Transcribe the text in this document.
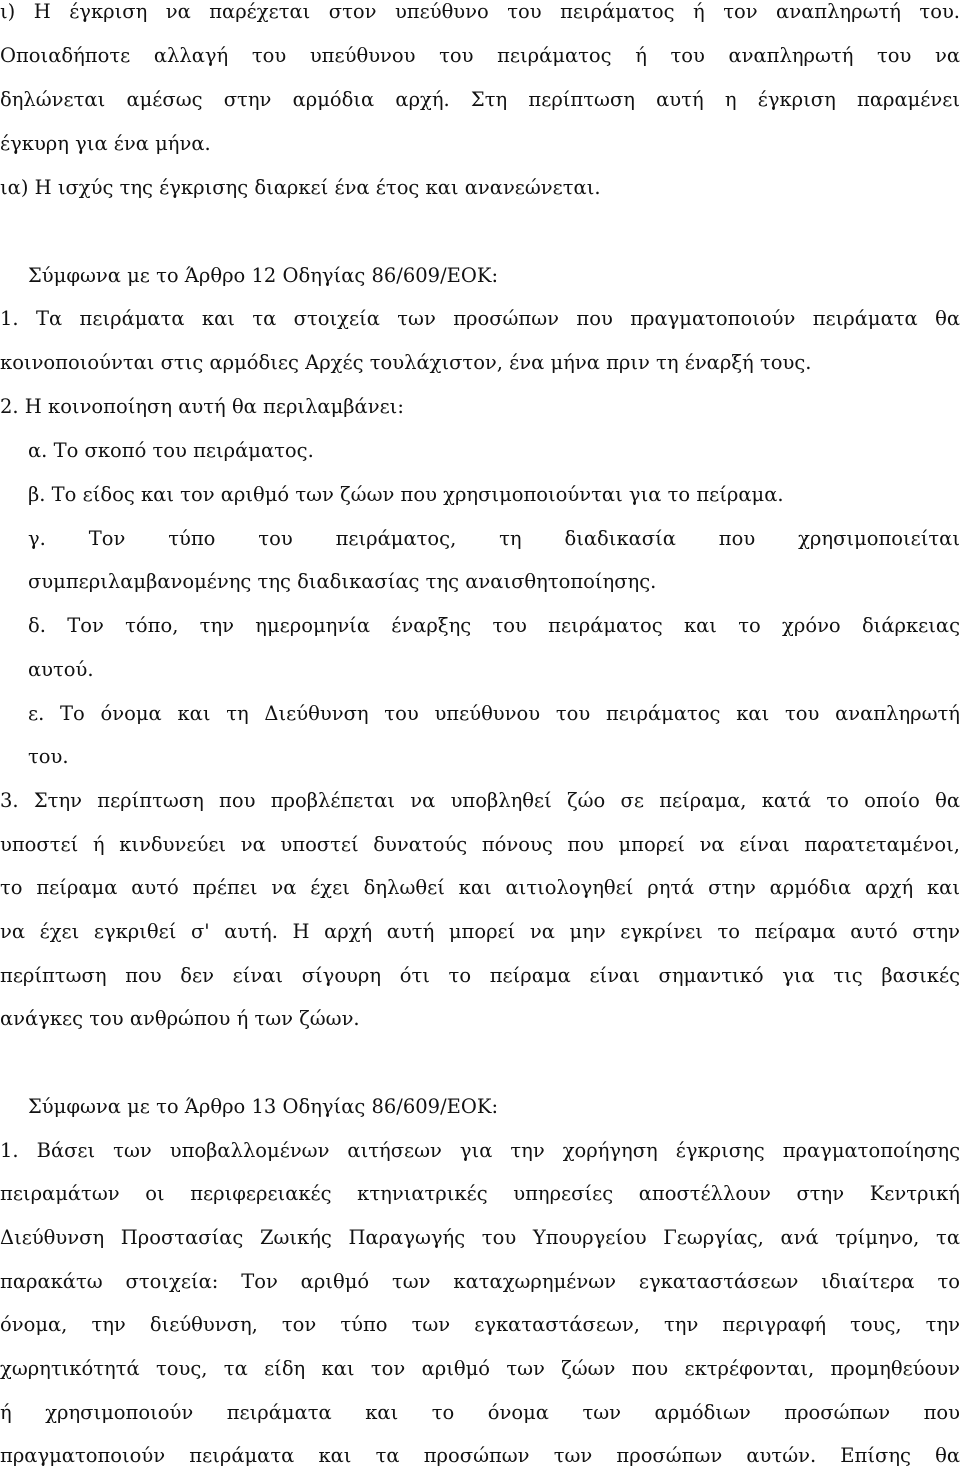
ι) Η έγκριση να παρέχεται στον υπεύθυνο του πειράματος ή τον αναπληρωτή του.
Οποιαδήποτε αλλαγή του υπεύθυνου του πειράματος ή του αναπληρωτή του να
δηλώνεται αμέσως στην αρμόδια αρχή. Στη περίπτωση αυτή η έγκριση παραμένει
έγκυρη για ένα μήνα.
ια) Η ισχύς της έγκρισης διαρκεί ένα έτος και ανανεώνεται.
Σύμφωνα με το Άρθρο 12 Οδηγίας 86/609/ΕΟΚ:
1. Τα πειράματα και τα στοιχεία των προσώπων που πραγματοποιούν πειράματα θα
κοινοποιούνται στις αρμόδιες Αρχές τουλάχιστον, ένα μήνα πριν τη έναρξή τους.
2. Η κοινοποίηση αυτή θα περιλαμβάνει:
α. Το σκοπό του πειράματος.
β. Το είδος και τον αριθμό των ζώων που χρησιμοποιούνται για το πείραμα.
γ. Τον τύπο του πειράματος, τη διαδικασία που χρησιμοποιείται
συμπεριλαμβανομένης της διαδικασίας της αναισθητοποίησης.
δ. Τον τόπο, την ημερομηνία έναρξης του πειράματος και το χρόνο διάρκειας
αυτού.
ε. Το όνομα και τη Διεύθυνση του υπεύθυνου του πειράματος και του αναπληρωτή
του.
3. Στην περίπτωση που προβλέπεται να υποβληθεί ζώο σε πείραμα, κατά το οποίο θα
υποστεί ή κινδυνεύει να υποστεί δυνατούς πόνους που μπορεί να είναι παρατεταμένοι,
το πείραμα αυτό πρέπει να έχει δηλωθεί και αιτιολογηθεί ρητά στην αρμόδια αρχή και
να έχει εγκριθεί σ' αυτή. Η αρχή αυτή μπορεί να μην εγκρίνει το πείραμα αυτό στην
περίπτωση που δεν είναι σίγουρη ότι το πείραμα είναι σημαντικό για τις βασικές
ανάγκες του ανθρώπου ή των ζώων.
Σύμφωνα με το Άρθρο 13 Οδηγίας 86/609/ΕΟΚ:
1. Βάσει των υποβαλλομένων αιτήσεων για την χορήγηση έγκρισης πραγματοποίησης
πειραμάτων οι περιφερειακές κτηνιατρικές υπηρεσίες αποστέλλουν στην Κεντρική
Διεύθυνση Προστασίας Ζωικής Παραγωγής του Υπουργείου Γεωργίας, ανά τρίμηνο, τα
παρακάτω στοιχεία: Τον αριθμό των καταχωρημένων εγκαταστάσεων ιδιαίτερα το
όνομα, την διεύθυνση, τον τύπο των εγκαταστάσεων, την περιγραφή τους, την
χωρητικότητά τους, τα είδη και τον αριθμό των ζώων που εκτρέφονται, προμηθεύουν
ή χρησιμοποιούν πειράματα και το όνομα των αρμόδιων προσώπων που
πραγματοποιούν πειράματα και τα προσώπων των προσώπων αυτών. Επίσης θα
